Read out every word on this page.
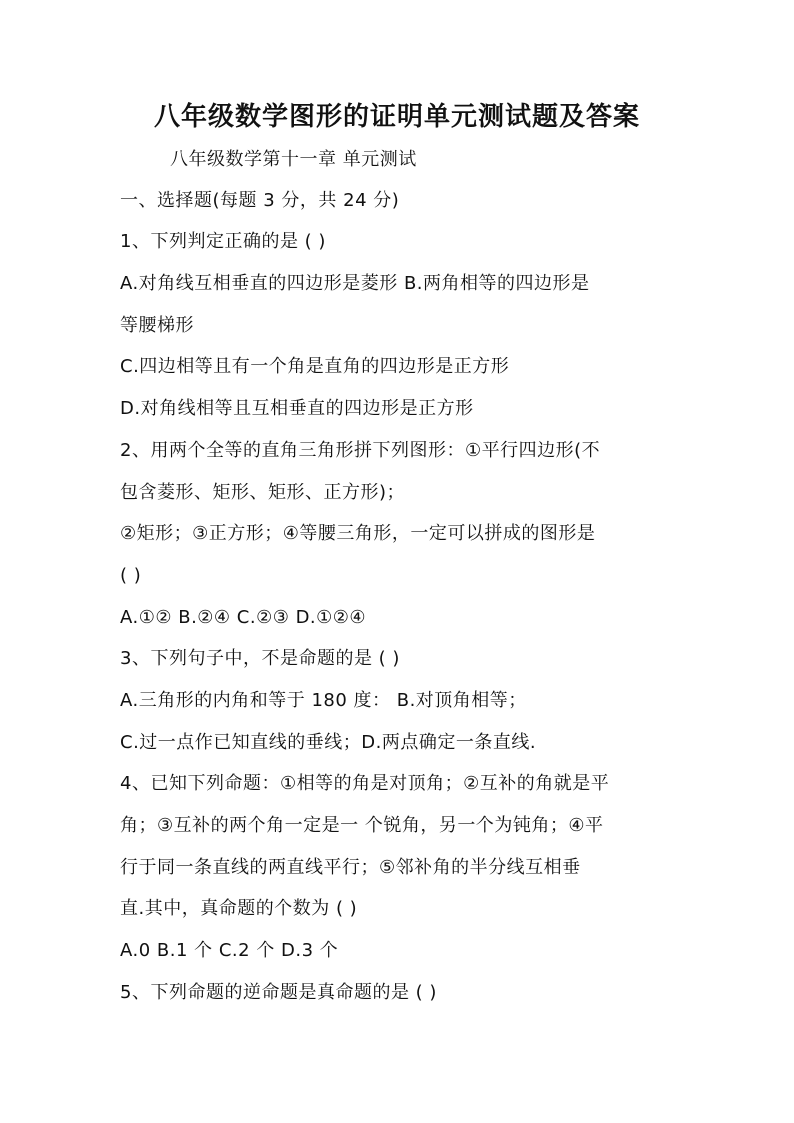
八年级数学图形的证明单元测试题及答案
八年级数学第十一章 单元测试
一、选择题(每题 3 分，共 24 分)
1、下列判定正确的是 ( )
A.对角线互相垂直的四边形是菱形 B.两角相等的四边形是
等腰梯形
C.四边相等且有一个角是直角的四边形是正方形
D.对角线相等且互相垂直的四边形是正方形
2、用两个全等的直角三角形拼下列图形：①平行四边形(不
包含菱形、矩形、矩形、正方形)；
②矩形；③正方形；④等腰三角形，一定可以拼成的图形是
( )
A.①② B.②④ C.②③ D.①②④
3、下列句子中，不是命题的是 ( )
A.三角形的内角和等于 180 度： B.对顶角相等；
C.过一点作已知直线的垂线；D.两点确定一条直线.
4、已知下列命题：①相等的角是对顶角；②互补的角就是平
角；③互补的两个角一定是一 个锐角，另一个为钝角；④平
行于同一条直线的两直线平行；⑤邻补角的半分线互相垂
直.其中，真命题的个数为 ( )
A.0 B.1 个 C.2 个 D.3 个
5、下列命题的逆命题是真命题的是 ( )
